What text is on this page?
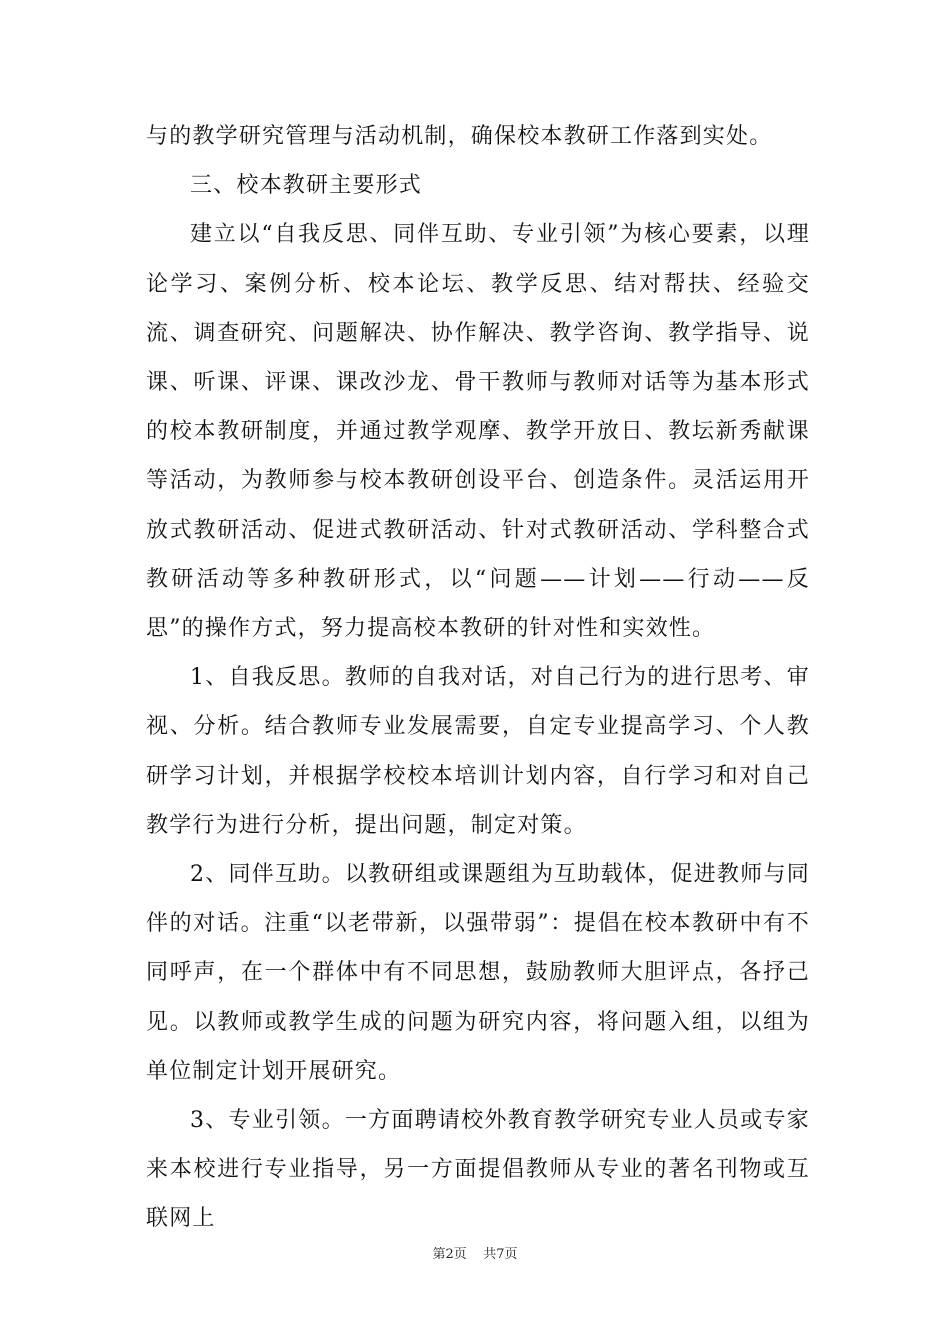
与的教学研究管理与活动机制，确保校本教研工作落到实处。

三、校本教研主要形式

建立以“自我反思、同伴互助、专业引领”为核心要素，以理论学习、案例分析、校本论坛、教学反思、结对帮扶、经验交流、调查研究、问题解决、协作解决、教学咨询、教学指导、说课、听课、评课、课改沙龙、骨干教师与教师对话等为基本形式的校本教研制度，并通过教学观摩、教学开放日、教坛新秀献课等活动，为教师参与校本教研创设平台、创造条件。灵活运用开放式教研活动、促进式教研活动、针对式教研活动、学科整合式教研活动等多种教研形式，以“问题——计划——行动——反思”的操作方式，努力提高校本教研的针对性和实效性。

1、自我反思。教师的自我对话，对自己行为的进行思考、审视、分析。结合教师专业发展需要，自定专业提高学习、个人教研学习计划，并根据学校校本培训计划内容，自行学习和对自己教学行为进行分析，提出问题，制定对策。

2、同伴互助。以教研组或课题组为互助载体，促进教师与同伴的对话。注重“以老带新，以强带弱”：提倡在校本教研中有不同呼声，在一个群体中有不同思想，鼓励教师大胆评点，各抒己见。以教师或教学生成的问题为研究内容，将问题入组，以组为单位制定计划开展研究。

3、专业引领。一方面聘请校外教育教学研究专业人员或专家来本校进行专业指导，另一方面提倡教师从专业的著名刊物或互联网上

第2页 共7页
